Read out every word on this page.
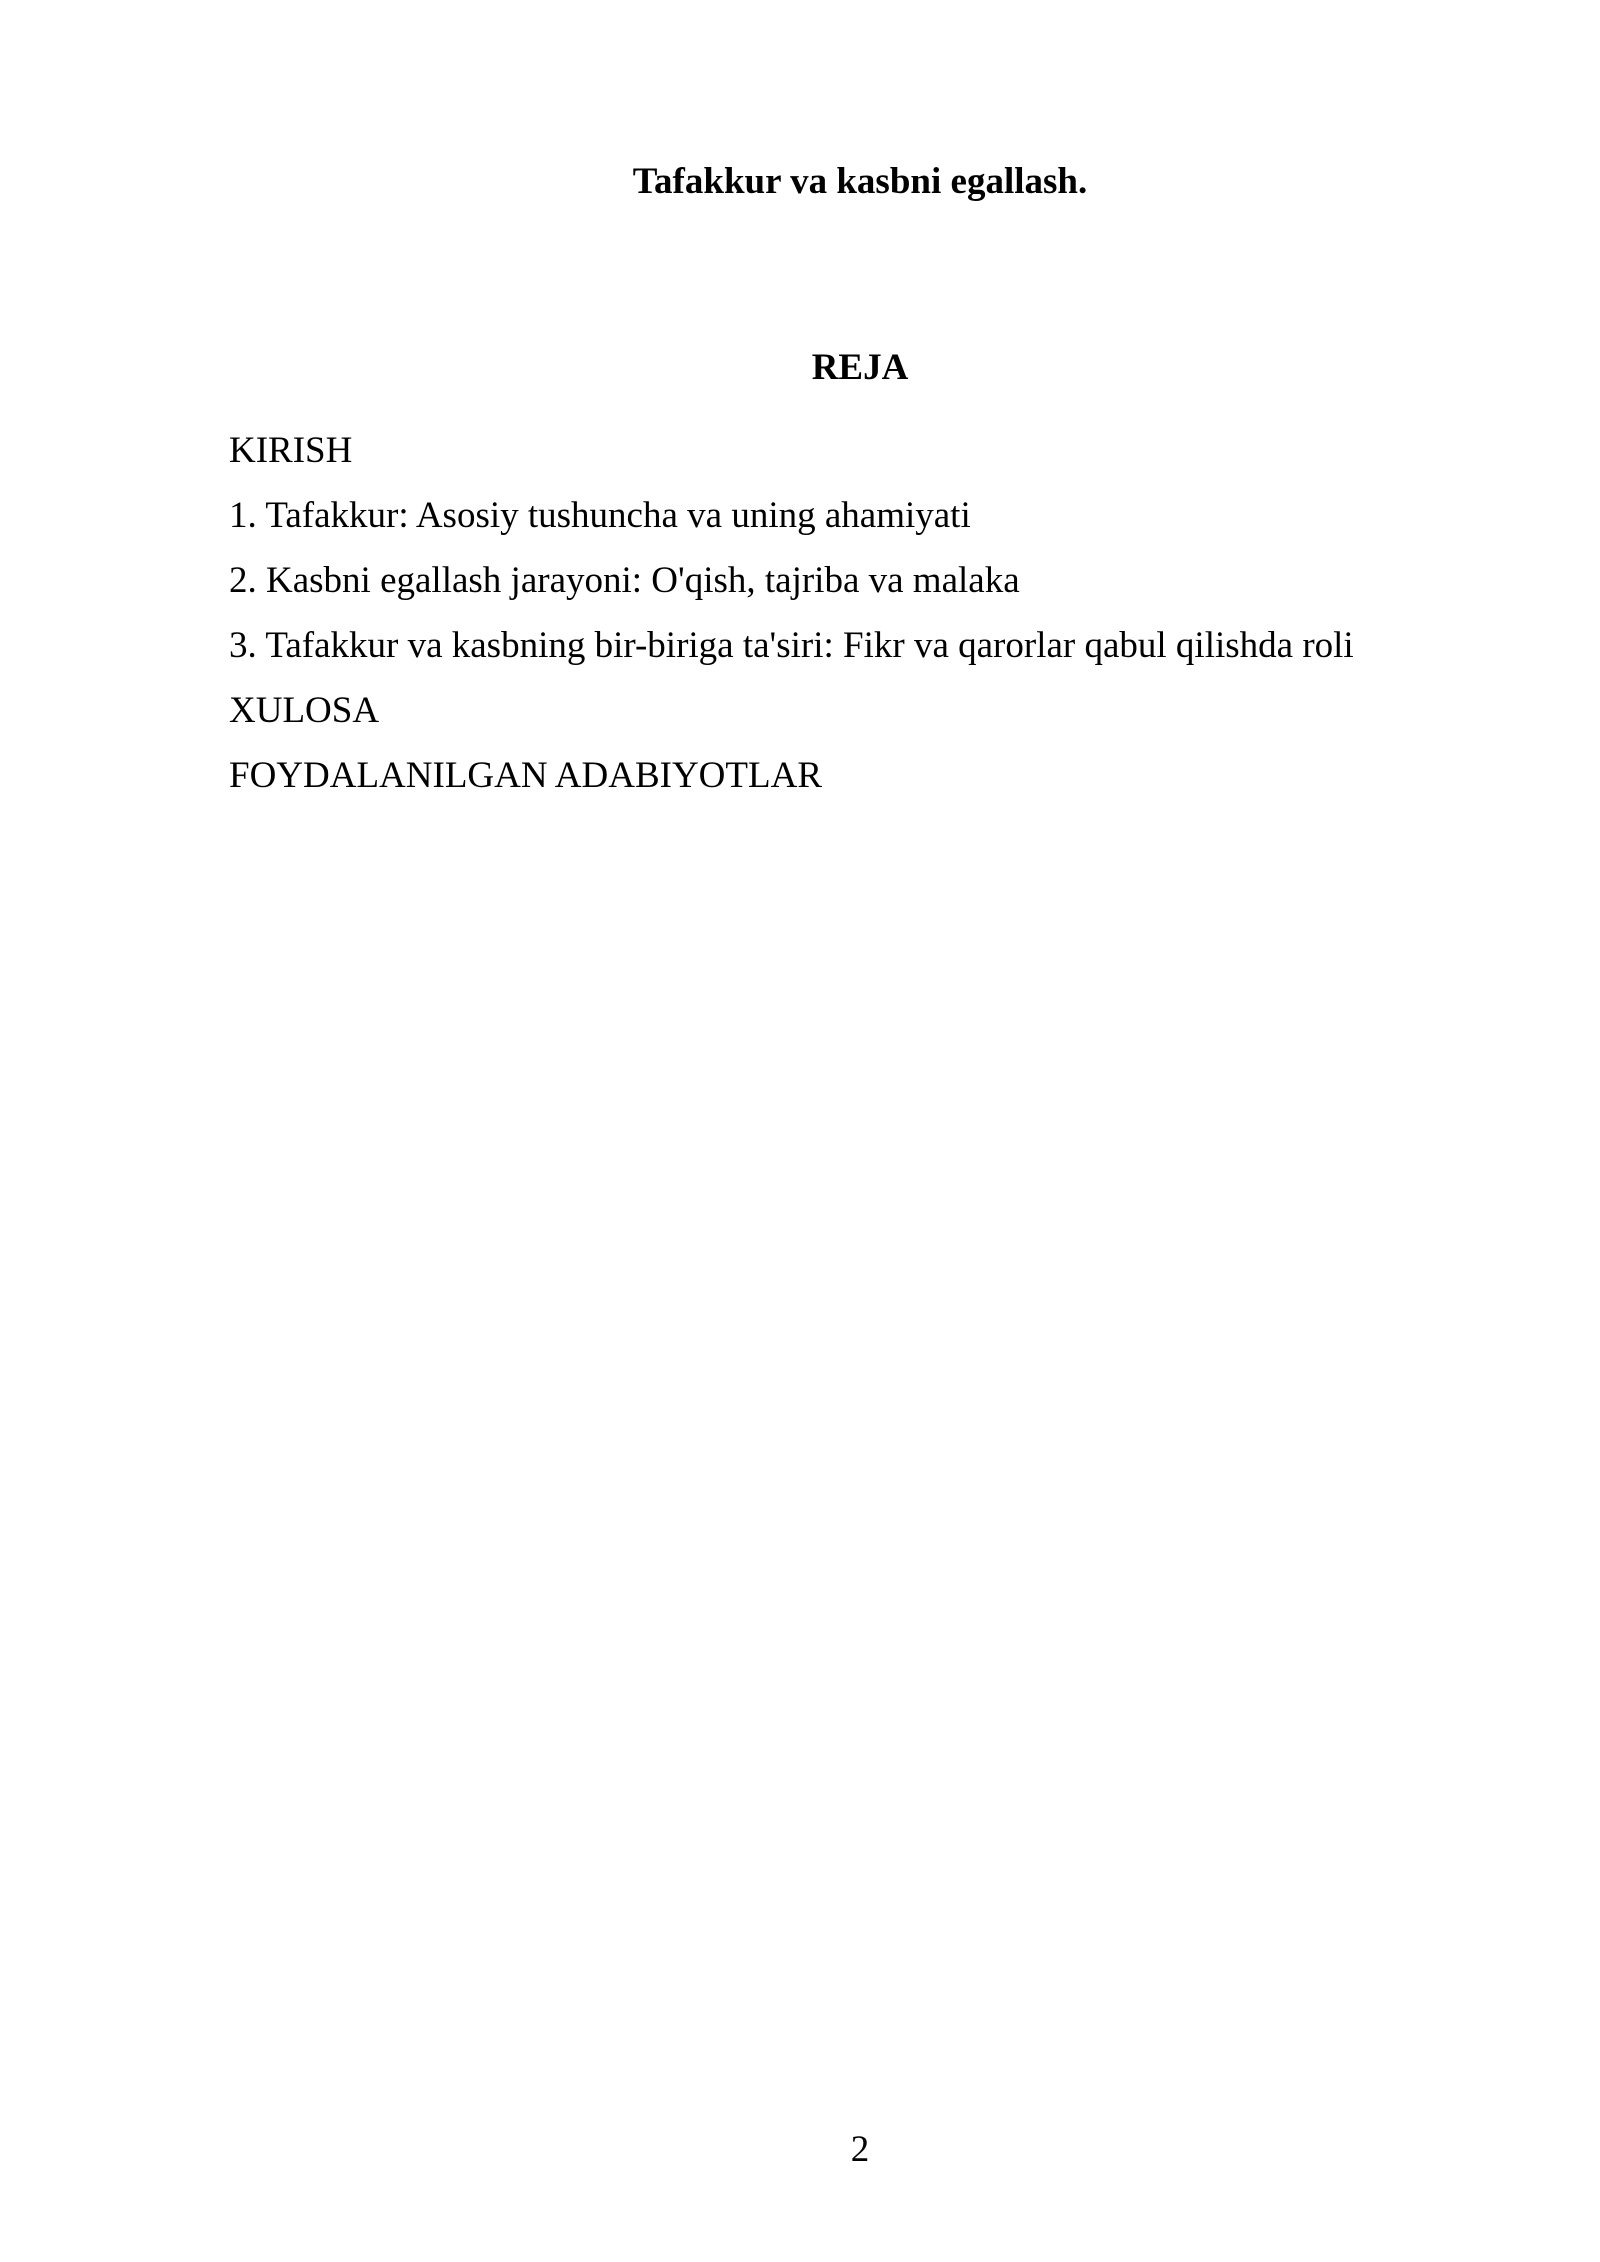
Tafakkur va kasbni egallash.
REJA
KIRISH
1. Tafakkur: Asosiy tushuncha va uning ahamiyati
2. Kasbni egallash jarayoni: O'qish, tajriba va malaka
3. Tafakkur va kasbning bir-biriga ta'siri: Fikr va qarorlar qabul qilishda roli
XULOSA
FOYDALANILGAN ADABIYOTLAR
2
